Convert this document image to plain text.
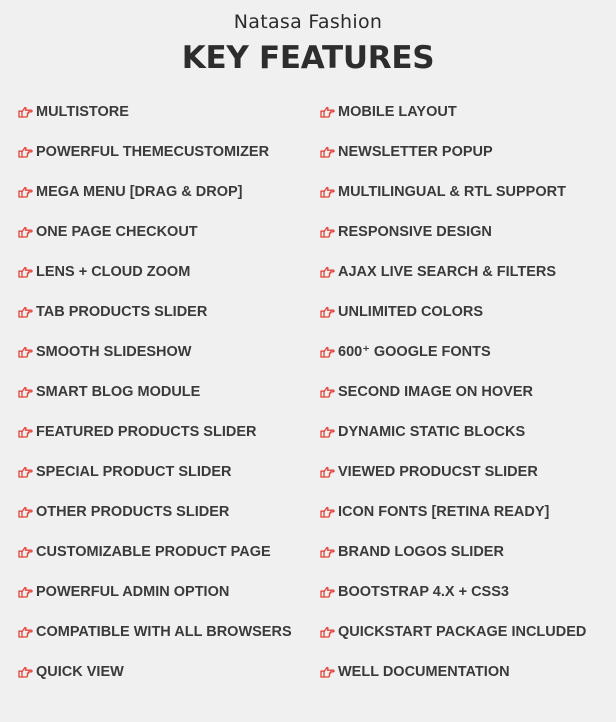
Natasa Fashion
KEY FEATURES
MULTISTORE
POWERFUL THEMECUSTOMIZER
MEGA MENU [DRAG & DROP]
ONE PAGE CHECKOUT
LENS + CLOUD ZOOM
TAB PRODUCTS SLIDER
SMOOTH SLIDESHOW
SMART BLOG MODULE
FEATURED PRODUCTS SLIDER
SPECIAL PRODUCT SLIDER
OTHER PRODUCTS SLIDER
CUSTOMIZABLE PRODUCT PAGE
POWERFUL ADMIN OPTION
COMPATIBLE WITH ALL BROWSERS
QUICK VIEW
MOBILE LAYOUT
NEWSLETTER POPUP
MULTILINGUAL & RTL SUPPORT
RESPONSIVE DESIGN
AJAX LIVE SEARCH & FILTERS
UNLIMITED COLORS
600⁺ GOOGLE FONTS
SECOND IMAGE ON HOVER
DYNAMIC STATIC BLOCKS
VIEWED PRODUCST SLIDER
ICON FONTS [RETINA READY]
BRAND LOGOS SLIDER
BOOTSTRAP 4.X + CSS3
QUICKSTART PACKAGE INCLUDED
WELL DOCUMENTATION
